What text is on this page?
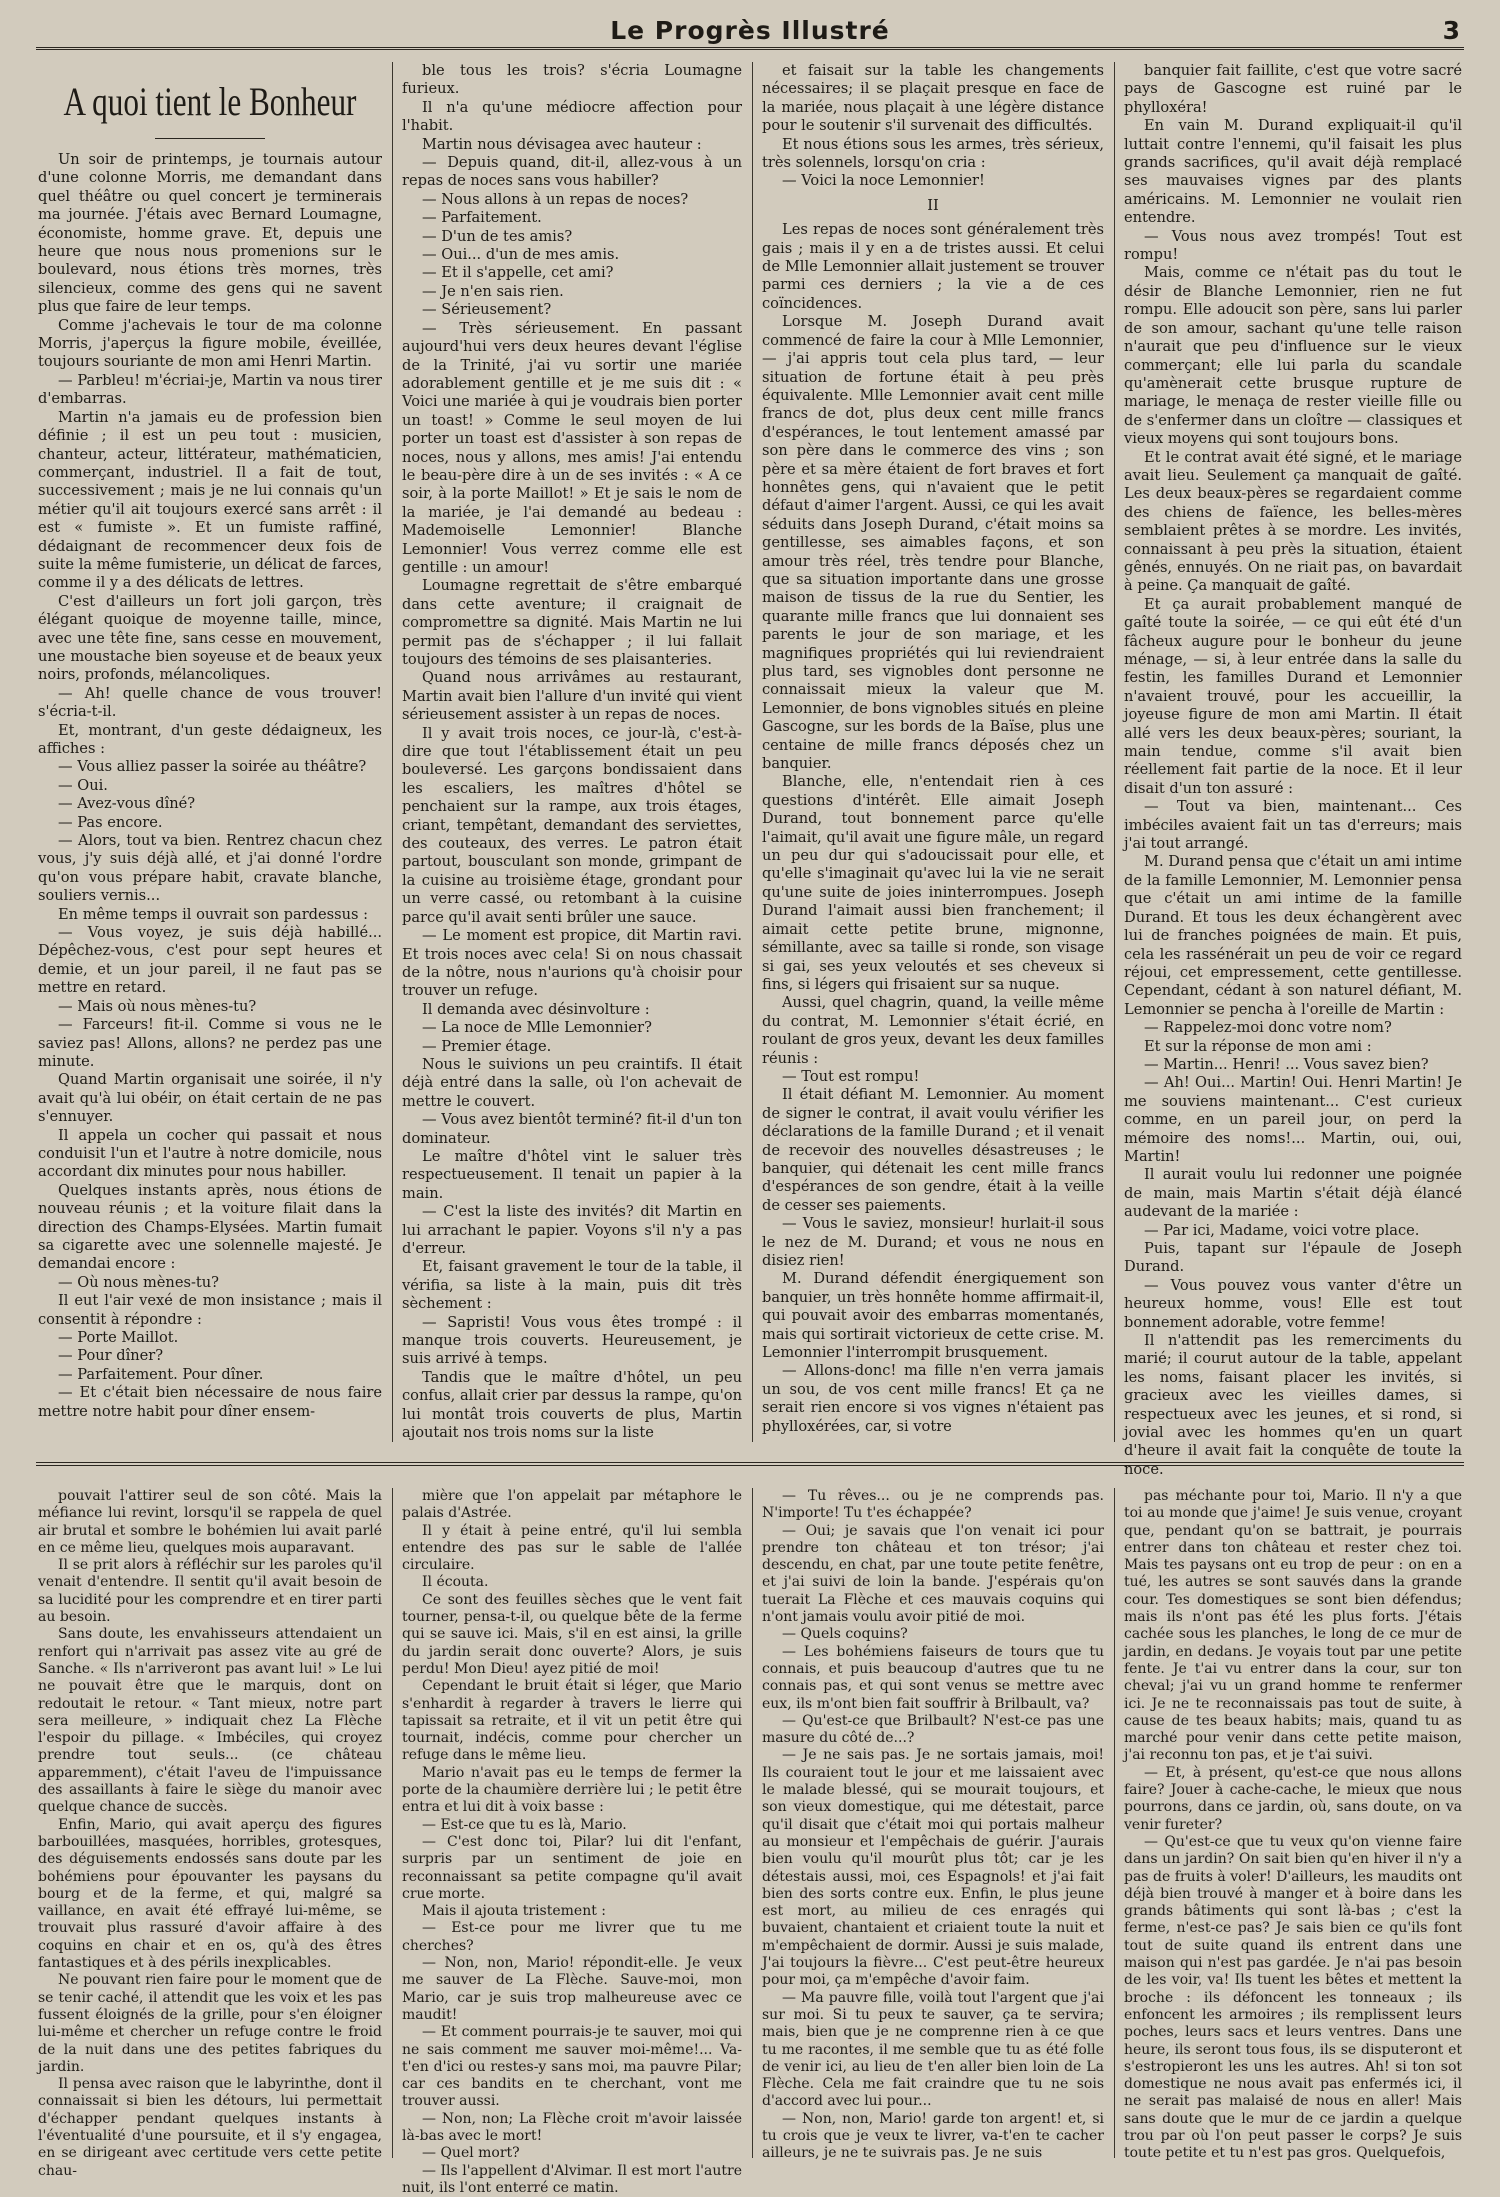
Le Progrès Illustré	3
A quoi tient le Bonheur

Un soir de printemps, je tournais autour d'une colonne Morris, me demandant dans quel théâtre ou quel concert je terminerais ma journée. J'étais avec Bernard Loumagne, économiste, homme grave. Et, depuis une heure que nous nous promenions sur le boulevard, nous étions très mornes, très silencieux, comme des gens qui ne savent plus que faire de leur temps.

Comme j'achevais le tour de ma colonne Morris, j'aperçus la figure mobile, éveillée, toujours souriante de mon ami Henri Martin.

— Parbleu! m'écriai-je, Martin va nous tirer d'embarras.

Martin n'a jamais eu de profession bien définie ; il est un peu tout : musicien, chanteur, acteur, littérateur, mathématicien, commerçant, industriel. Il a fait de tout, successivement ; mais je ne lui connais qu'un métier qu'il ait toujours exercé sans arrêt : il est « fumiste ». Et un fumiste raffiné, dédaignant de recommencer deux fois de suite la même fumisterie, un délicat de farces, comme il y a des délicats de lettres.

C'est d'ailleurs un fort joli garçon, très élégant quoique de moyenne taille, mince, avec une tête fine, sans cesse en mouvement, une moustache bien soyeuse et de beaux yeux noirs, profonds, mélancoliques.

— Ah! quelle chance de vous trouver! s'écria-t-il.

Et, montrant, d'un geste dédaigneux, les affiches :

— Vous alliez passer la soirée au théâtre?

— Oui.

— Avez-vous dîné?

— Pas encore.

— Alors, tout va bien. Rentrez chacun chez vous, j'y suis déjà allé, et j'ai donné l'ordre qu'on vous prépare habit, cravate blanche, souliers vernis...

En même temps il ouvrait son pardessus :

— Vous voyez, je suis déjà habillé... Dépêchez-vous, c'est pour sept heures et demie, et un jour pareil, il ne faut pas se mettre en retard.

— Mais où nous mènes-tu?

— Farceurs! fit-il. Comme si vous ne le saviez pas! Allons, allons? ne perdez pas une minute.

Quand Martin organisait une soirée, il n'y avait qu'à lui obéir, on était certain de ne pas s'ennuyer.

Il appela un cocher qui passait et nous conduisit l'un et l'autre à notre domicile, nous accordant dix minutes pour nous habiller.

Quelques instants après, nous étions de nouveau réunis ; et la voiture filait dans la direction des Champs-Elysées. Martin fumait sa cigarette avec une solennelle majesté. Je demandai encore :

— Où nous mènes-tu?

Il eut l'air vexé de mon insistance ; mais il consentit à répondre :

— Porte Maillot.

— Pour dîner?

— Parfaitement. Pour dîner.

— Et c'était bien nécessaire de nous faire mettre notre habit pour dîner ensem-

ble tous les trois? s'écria Loumagne furieux.

Il n'a qu'une médiocre affection pour l'habit.

Martin nous dévisagea avec hauteur :

— Depuis quand, dit-il, allez-vous à un repas de noces sans vous habiller?

— Nous allons à un repas de noces?

— Parfaitement.

— D'un de tes amis?

— Oui... d'un de mes amis.

— Et il s'appelle, cet ami?

— Je n'en sais rien.

— Sérieusement?

— Très sérieusement. En passant aujourd'hui vers deux heures devant l'église de la Trinité, j'ai vu sortir une mariée adorablement gentille et je me suis dit : « Voici une mariée à qui je voudrais bien porter un toast! » Comme le seul moyen de lui porter un toast est d'assister à son repas de noces, nous y allons, mes amis! J'ai entendu le beau-père dire à un de ses invités : « A ce soir, à la porte Maillot! » Et je sais le nom de la mariée, je l'ai demandé au bedeau : Mademoiselle Lemonnier! Blanche Lemonnier! Vous verrez comme elle est gentille : un amour!

Loumagne regrettait de s'être embarqué dans cette aventure; il craignait de compromettre sa dignité. Mais Martin ne lui permit pas de s'échapper ; il lui fallait toujours des témoins de ses plaisanteries.

Quand nous arrivâmes au restaurant, Martin avait bien l'allure d'un invité qui vient sérieusement assister à un repas de noces.

Il y avait trois noces, ce jour-là, c'est-à-dire que tout l'établissement était un peu bouleversé. Les garçons bondissaient dans les escaliers, les maîtres d'hôtel se penchaient sur la rampe, aux trois étages, criant, tempêtant, demandant des serviettes, des couteaux, des verres. Le patron était partout, bousculant son monde, grimpant de la cuisine au troisième étage, grondant pour un verre cassé, ou retombant à la cuisine parce qu'il avait senti brûler une sauce.

— Le moment est propice, dit Martin ravi. Et trois noces avec cela! Si on nous chassait de la nôtre, nous n'aurions qu'à choisir pour trouver un refuge.

Il demanda avec désinvolture :

— La noce de Mlle Lemonnier?

— Premier étage.

Nous le suivions un peu craintifs. Il était déjà entré dans la salle, où l'on achevait de mettre le couvert.

— Vous avez bientôt terminé? fit-il d'un ton dominateur.

Le maître d'hôtel vint le saluer très respectueusement. Il tenait un papier à la main.

— C'est la liste des invités? dit Martin en lui arrachant le papier. Voyons s'il n'y a pas d'erreur.

Et, faisant gravement le tour de la table, il vérifia, sa liste à la main, puis dit très sèchement :

— Sapristi! Vous vous êtes trompé : il manque trois couverts. Heureusement, je suis arrivé à temps.

Tandis que le maître d'hôtel, un peu confus, allait crier par dessus la rampe, qu'on lui montât trois couverts de plus, Martin ajoutait nos trois noms sur la liste

et faisait sur la table les changements nécessaires; il se plaçait presque en face de la mariée, nous plaçait à une légère distance pour le soutenir s'il survenait des difficultés.

Et nous étions sous les armes, très sérieux, très solennels, lorsqu'on cria :

— Voici la noce Lemonnier!

II

Les repas de noces sont généralement très gais ; mais il y en a de tristes aussi. Et celui de Mlle Lemonnier allait justement se trouver parmi ces derniers ; la vie a de ces coïncidences.

Lorsque M. Joseph Durand avait commencé de faire la cour à Mlle Lemonnier, — j'ai appris tout cela plus tard, — leur situation de fortune était à peu près équivalente. Mlle Lemonnier avait cent mille francs de dot, plus deux cent mille francs d'espérances, le tout lentement amassé par son père dans le commerce des vins ; son père et sa mère étaient de fort braves et fort honnêtes gens, qui n'avaient que le petit défaut d'aimer l'argent. Aussi, ce qui les avait séduits dans Joseph Durand, c'était moins sa gentillesse, ses aimables façons, et son amour très réel, très tendre pour Blanche, que sa situation importante dans une grosse maison de tissus de la rue du Sentier, les quarante mille francs que lui donnaient ses parents le jour de son mariage, et les magnifiques propriétés qui lui reviendraient plus tard, ses vignobles dont personne ne connaissait mieux la valeur que M. Lemonnier, de bons vignobles situés en pleine Gascogne, sur les bords de la Baïse, plus une centaine de mille francs déposés chez un banquier.

Blanche, elle, n'entendait rien à ces questions d'intérêt. Elle aimait Joseph Durand, tout bonnement parce qu'elle l'aimait, qu'il avait une figure mâle, un regard un peu dur qui s'adoucissait pour elle, et qu'elle s'imaginait qu'avec lui la vie ne serait qu'une suite de joies ininterrompues. Joseph Durand l'aimait aussi bien franchement; il aimait cette petite brune, mignonne, sémillante, avec sa taille si ronde, son visage si gai, ses yeux veloutés et ses cheveux si fins, si légers qui frisaient sur sa nuque.

Aussi, quel chagrin, quand, la veille même du contrat, M. Lemonnier s'était écrié, en roulant de gros yeux, devant les deux familles réunis :

— Tout est rompu!

Il était défiant M. Lemonnier. Au moment de signer le contrat, il avait voulu vérifier les déclarations de la famille Durand ; et il venait de recevoir des nouvelles désastreuses ; le banquier, qui détenait les cent mille francs d'espérances de son gendre, était à la veille de cesser ses paiements.

— Vous le saviez, monsieur! hurlait-il sous le nez de M. Durand; et vous ne nous en disiez rien!

M. Durand défendit énergiquement son banquier, un très honnête homme affirmait-il, qui pouvait avoir des embarras momentanés, mais qui sortirait victorieux de cette crise. M. Lemonnier l'interrompit brusquement.

— Allons-donc! ma fille n'en verra jamais un sou, de vos cent mille francs! Et ça ne serait rien encore si vos vignes n'étaient pas phylloxérées, car, si votre

banquier fait faillite, c'est que votre sacré pays de Gascogne est ruiné par le phylloxéra!

En vain M. Durand expliquait-il qu'il luttait contre l'ennemi, qu'il faisait les plus grands sacrifices, qu'il avait déjà remplacé ses mauvaises vignes par des plants américains. M. Lemonnier ne voulait rien entendre.

— Vous nous avez trompés! Tout est rompu!

Mais, comme ce n'était pas du tout le désir de Blanche Lemonnier, rien ne fut rompu. Elle adoucit son père, sans lui parler de son amour, sachant qu'une telle raison n'aurait que peu d'influence sur le vieux commerçant; elle lui parla du scandale qu'amènerait cette brusque rupture de mariage, le menaça de rester vieille fille ou de s'enfermer dans un cloître — classiques et vieux moyens qui sont toujours bons.

Et le contrat avait été signé, et le mariage avait lieu. Seulement ça manquait de gaîté. Les deux beaux-pères se regardaient comme des chiens de faïence, les belles-mères semblaient prêtes à se mordre. Les invités, connaissant à peu près la situation, étaient gênés, ennuyés. On ne riait pas, on bavardait à peine. Ça manquait de gaîté.

Et ça aurait probablement manqué de gaîté toute la soirée, — ce qui eût été d'un fâcheux augure pour le bonheur du jeune ménage, — si, à leur entrée dans la salle du festin, les familles Durand et Lemonnier n'avaient trouvé, pour les accueillir, la joyeuse figure de mon ami Martin. Il était allé vers les deux beaux-pères; souriant, la main tendue, comme s'il avait bien réellement fait partie de la noce. Et il leur disait d'un ton assuré :

— Tout va bien, maintenant... Ces imbéciles avaient fait un tas d'erreurs; mais j'ai tout arrangé.

M. Durand pensa que c'était un ami intime de la famille Lemonnier, M. Lemonnier pensa que c'était un ami intime de la famille Durand. Et tous les deux échangèrent avec lui de franches poignées de main. Et puis, cela les rassénérait un peu de voir ce regard réjoui, cet empressement, cette gentillesse. Cependant, cédant à son naturel défiant, M. Lemonnier se pencha à l'oreille de Martin :

— Rappelez-moi donc votre nom?

Et sur la réponse de mon ami :

— Martin... Henri! ... Vous savez bien?

— Ah! Oui... Martin! Oui. Henri Martin! Je me souviens maintenant... C'est curieux comme, en un pareil jour, on perd la mémoire des noms!... Martin, oui, oui, Martin!

Il aurait voulu lui redonner une poignée de main, mais Martin s'était déjà élancé audevant de la mariée :

— Par ici, Madame, voici votre place.

Puis, tapant sur l'épaule de Joseph Durand.

— Vous pouvez vous vanter d'être un heureux homme, vous! Elle est tout bonnement adorable, votre femme!

Il n'attendit pas les remerciments du marié; il courut autour de la table, appelant les noms, faisant placer les invités, si gracieux avec les vieilles dames, si respectueux avec les jeunes, et si rond, si jovial avec les hommes qu'en un quart d'heure il avait fait la conquête de toute la noce.

pouvait l'attirer seul de son côté. Mais la méfiance lui revint, lorsqu'il se rappela de quel air brutal et sombre le bohémien lui avait parlé en ce même lieu, quelques mois auparavant.

Il se prit alors à réfléchir sur les paroles qu'il venait d'entendre. Il sentit qu'il avait besoin de sa lucidité pour les comprendre et en tirer parti au besoin.

Sans doute, les envahisseurs attendaient un renfort qui n'arrivait pas assez vite au gré de Sanche. « Ils n'arriveront pas avant lui! » Le lui ne pouvait être que le marquis, dont on redoutait le retour. « Tant mieux, notre part sera meilleure, » indiquait chez La Flèche l'espoir du pillage. « Imbéciles, qui croyez prendre tout seuls... (ce château apparemment), c'était l'aveu de l'impuissance des assaillants à faire le siège du manoir avec quelque chance de succès.

Enfin, Mario, qui avait aperçu des figures barbouillées, masquées, horribles, grotesques, des déguisements endossés sans doute par les bohémiens pour épouvanter les paysans du bourg et de la ferme, et qui, malgré sa vaillance, en avait été effrayé lui-même, se trouvait plus rassuré d'avoir affaire à des coquins en chair et en os, qu'à des êtres fantastiques et à des périls inexplicables.

Ne pouvant rien faire pour le moment que de se tenir caché, il attendit que les voix et les pas fussent éloignés de la grille, pour s'en éloigner lui-même et chercher un refuge contre le froid de la nuit dans une des petites fabriques du jardin.

Il pensa avec raison que le labyrinthe, dont il connaissait si bien les détours, lui permettait d'échapper pendant quelques instants à l'éventualité d'une poursuite, et il s'y engagea, en se dirigeant avec certitude vers cette petite chau-

mière que l'on appelait par métaphore le palais d'Astrée.

Il y était à peine entré, qu'il lui sembla entendre des pas sur le sable de l'allée circulaire.

Il écouta.

Ce sont des feuilles sèches que le vent fait tourner, pensa-t-il, ou quelque bête de la ferme qui se sauve ici. Mais, s'il en est ainsi, la grille du jardin serait donc ouverte? Alors, je suis perdu! Mon Dieu! ayez pitié de moi!

Cependant le bruit était si léger, que Mario s'enhardit à regarder à travers le lierre qui tapissait sa retraite, et il vit un petit être qui tournait, indécis, comme pour chercher un refuge dans le même lieu.

Mario n'avait pas eu le temps de fermer la porte de la chaumière derrière lui ; le petit être entra et lui dit à voix basse :

— Est-ce que tu es là, Mario.

— C'est donc toi, Pilar? lui dit l'enfant, surpris par un sentiment de joie en reconnaissant sa petite compagne qu'il avait crue morte.

Mais il ajouta tristement :

— Est-ce pour me livrer que tu me cherches?

— Non, non, Mario! répondit-elle. Je veux me sauver de La Flèche. Sauve-moi, mon Mario, car je suis trop malheureuse avec ce maudit!

— Et comment pourrais-je te sauver, moi qui ne sais comment me sauver moi-même!... Va-t'en d'ici ou restes-y sans moi, ma pauvre Pilar; car ces bandits en te cherchant, vont me trouver aussi.

— Non, non; La Flèche croit m'avoir laissée là-bas avec le mort!

— Quel mort?

— Ils l'appellent d'Alvimar. Il est mort l'autre nuit, ils l'ont enterré ce matin.

— Tu rêves... ou je ne comprends pas. N'importe! Tu t'es échappée?

— Oui; je savais que l'on venait ici pour prendre ton château et ton trésor; j'ai descendu, en chat, par une toute petite fenêtre, et j'ai suivi de loin la bande. J'espérais qu'on tuerait La Flèche et ces mauvais coquins qui n'ont jamais voulu avoir pitié de moi.

— Quels coquins?

— Les bohémiens faiseurs de tours que tu connais, et puis beaucoup d'autres que tu ne connais pas, et qui sont venus se mettre avec eux, ils m'ont bien fait souffrir à Brilbault, va?

— Qu'est-ce que Brilbault? N'est-ce pas une masure du côté de...?

— Je ne sais pas. Je ne sortais jamais, moi! Ils couraient tout le jour et me laissaient avec le malade blessé, qui se mourait toujours, et son vieux domestique, qui me détestait, parce qu'il disait que c'était moi qui portais malheur au monsieur et l'empêchais de guérir. J'aurais bien voulu qu'il mourût plus tôt; car je les détestais aussi, moi, ces Espagnols! et j'ai fait bien des sorts contre eux. Enfin, le plus jeune est mort, au milieu de ces enragés qui buvaient, chantaient et criaient toute la nuit et m'empêchaient de dormir. Aussi je suis malade, J'ai toujours la fièvre... C'est peut-être heureux pour moi, ça m'empêche d'avoir faim.

— Ma pauvre fille, voilà tout l'argent que j'ai sur moi. Si tu peux te sauver, ça te servira; mais, bien que je ne comprenne rien à ce que tu me racontes, il me semble que tu as été folle de venir ici, au lieu de t'en aller bien loin de La Flèche. Cela me fait craindre que tu ne sois d'accord avec lui pour...

— Non, non, Mario! garde ton argent! et, si tu crois que je veux te livrer, va-t'en te cacher ailleurs, je ne te suivrais pas. Je ne suis

pas méchante pour toi, Mario. Il n'y a que toi au monde que j'aime! Je suis venue, croyant que, pendant qu'on se battrait, je pourrais entrer dans ton château et rester chez toi. Mais tes paysans ont eu trop de peur : on en a tué, les autres se sont sauvés dans la grande cour. Tes domestiques se sont bien défendus; mais ils n'ont pas été les plus forts. J'étais cachée sous les planches, le long de ce mur de jardin, en dedans. Je voyais tout par une petite fente. Je t'ai vu entrer dans la cour, sur ton cheval; j'ai vu un grand homme te renfermer ici. Je ne te reconnaissais pas tout de suite, à cause de tes beaux habits; mais, quand tu as marché pour venir dans cette petite maison, j'ai reconnu ton pas, et je t'ai suivi.

— Et, à présent, qu'est-ce que nous allons faire? Jouer à cache-cache, le mieux que nous pourrons, dans ce jardin, où, sans doute, on va venir fureter?

— Qu'est-ce que tu veux qu'on vienne faire dans un jardin? On sait bien qu'en hiver il n'y a pas de fruits à voler! D'ailleurs, les maudits ont déjà bien trouvé à manger et à boire dans les grands bâtiments qui sont là-bas ; c'est la ferme, n'est-ce pas? Je sais bien ce qu'ils font tout de suite quand ils entrent dans une maison qui n'est pas gardée. Je n'ai pas besoin de les voir, va! Ils tuent les bêtes et mettent la broche : ils défoncent les tonneaux ; ils enfoncent les armoires ; ils remplissent leurs poches, leurs sacs et leurs ventres. Dans une heure, ils seront tous fous, ils se disputeront et s'estropieront les uns les autres. Ah! si ton sot domestique ne nous avait pas enfermés ici, il ne serait pas malaisé de nous en aller! Mais sans doute que le mur de ce jardin a quelque trou par où l'on peut passer le corps? Je suis toute petite et tu n'est pas gros. Quelquefois,
